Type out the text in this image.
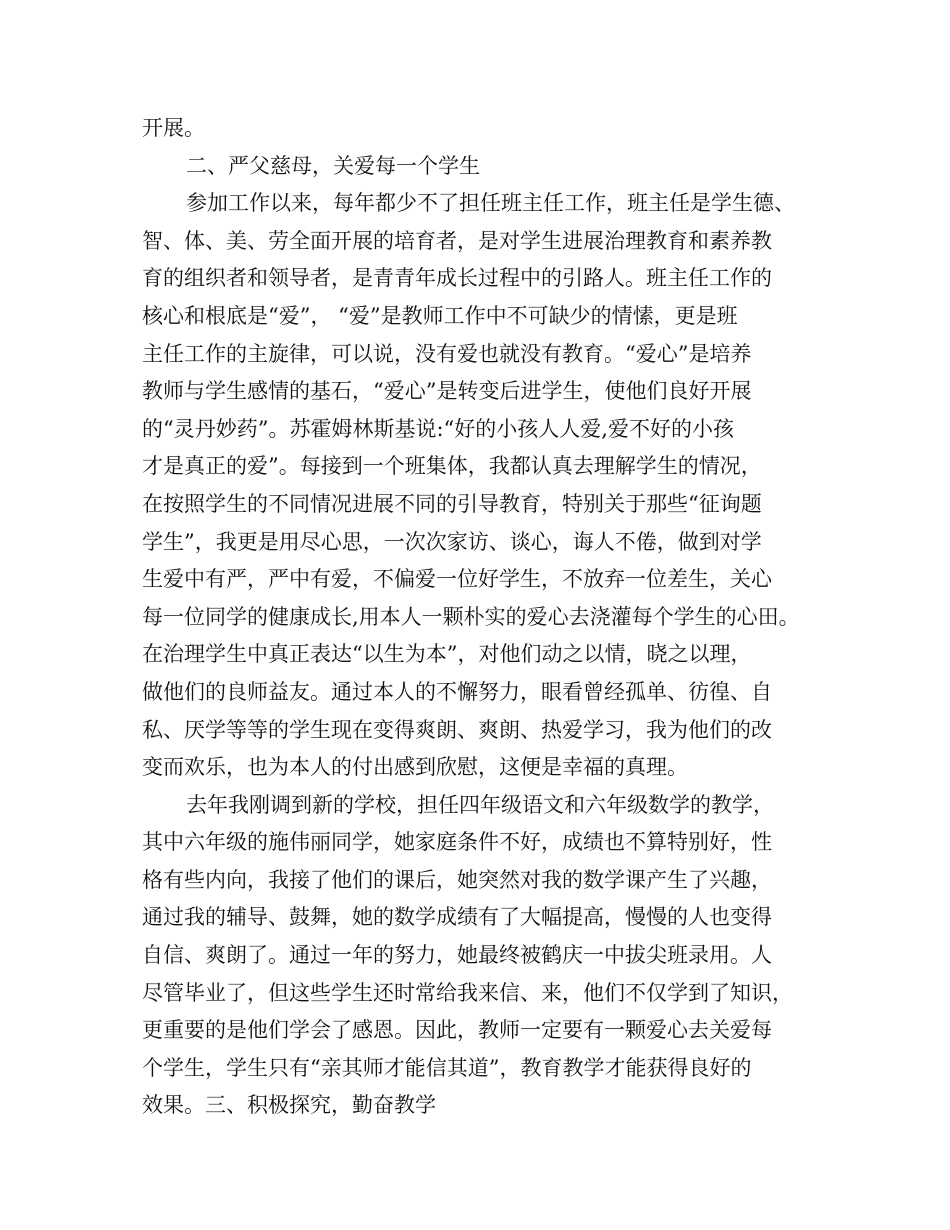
开展。
二、严父慈母，关爱每一个学生
参加工作以来，每年都少不了担任班主任工作，班主任是学生德、
智、体、美、劳全面开展的培育者，是对学生进展治理教育和素养教
育的组织者和领导者，是青青年成长过程中的引路人。班主任工作的
核心和根底是“爱”， “爱”是教师工作中不可缺少的情愫，更是班
主任工作的主旋律，可以说，没有爱也就没有教育。“爱心”是培养
教师与学生感情的基石，“爱心”是转变后进学生，使他们良好开展
的“灵丹妙药”。苏霍姆林斯基说:“好的小孩人人爱,爱不好的小孩
才是真正的爱”。每接到一个班集体，我都认真去理解学生的情况，
在按照学生的不同情况进展不同的引导教育，特别关于那些“征询题
学生”，我更是用尽心思，一次次家访、谈心，诲人不倦，做到对学
生爱中有严，严中有爱，不偏爱一位好学生，不放弃一位差生，关心
每一位同学的健康成长,用本人一颗朴实的爱心去浇灌每个学生的心田。
在治理学生中真正表达“以生为本”，对他们动之以情，晓之以理，
做他们的良师益友。通过本人的不懈努力，眼看曾经孤单、彷徨、自
私、厌学等等的学生现在变得爽朗、爽朗、热爱学习，我为他们的改
变而欢乐，也为本人的付出感到欣慰，这便是幸福的真理。
去年我刚调到新的学校，担任四年级语文和六年级数学的教学，
其中六年级的施伟丽同学，她家庭条件不好，成绩也不算特别好，性
格有些内向，我接了他们的课后，她突然对我的数学课产生了兴趣，
通过我的辅导、鼓舞，她的数学成绩有了大幅提高，慢慢的人也变得
自信、爽朗了。通过一年的努力，她最终被鹤庆一中拔尖班录用。人
尽管毕业了，但这些学生还时常给我来信、来，他们不仅学到了知识，
更重要的是他们学会了感恩。因此，教师一定要有一颗爱心去关爱每
个学生，学生只有“亲其师才能信其道”，教育教学才能获得良好的
效果。三、积极探究，勤奋教学
